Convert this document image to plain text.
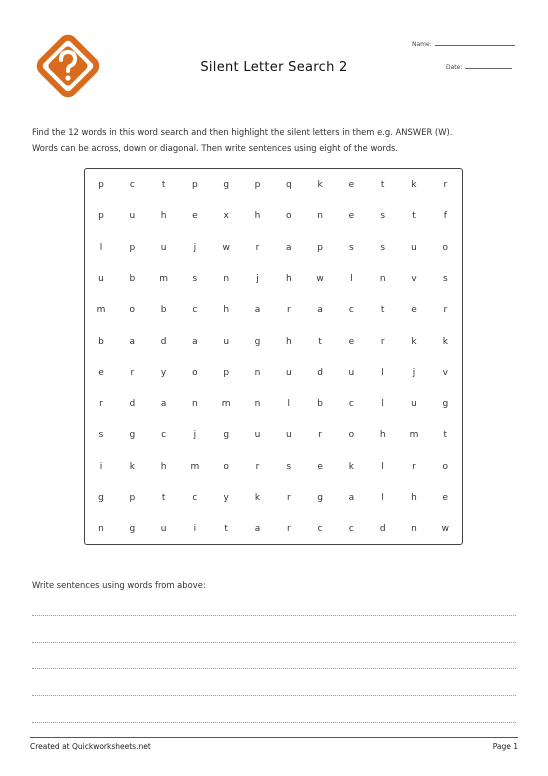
Silent Letter Search 2
Name:
Date:
Find the 12 words in this word search and then highlight the silent letters in them e.g. ANSWER (W).
Words can be across, down or diagonal. Then write sentences using eight of the words.
p	c	t	p	g	p	q	k	e	t	k	r
p	u	h	e	x	h	o	n	e	s	t	f
l	p	u	j	w	r	a	p	s	s	u	o
u	b	m	s	n	j	h	w	l	n	v	s
m	o	b	c	h	a	r	a	c	t	e	r
b	a	d	a	u	g	h	t	e	r	k	k
e	r	y	o	p	n	u	d	u	l	j	v
r	d	a	n	m	n	l	b	c	l	u	g
s	g	c	j	g	u	u	r	o	h	m	t
i	k	h	m	o	r	s	e	k	l	r	o
g	p	t	c	y	k	r	g	a	l	h	e
n	g	u	i	t	a	r	c	c	d	n	w
Write sentences using words from above:
Created at Quickworksheets.net	Page 1
